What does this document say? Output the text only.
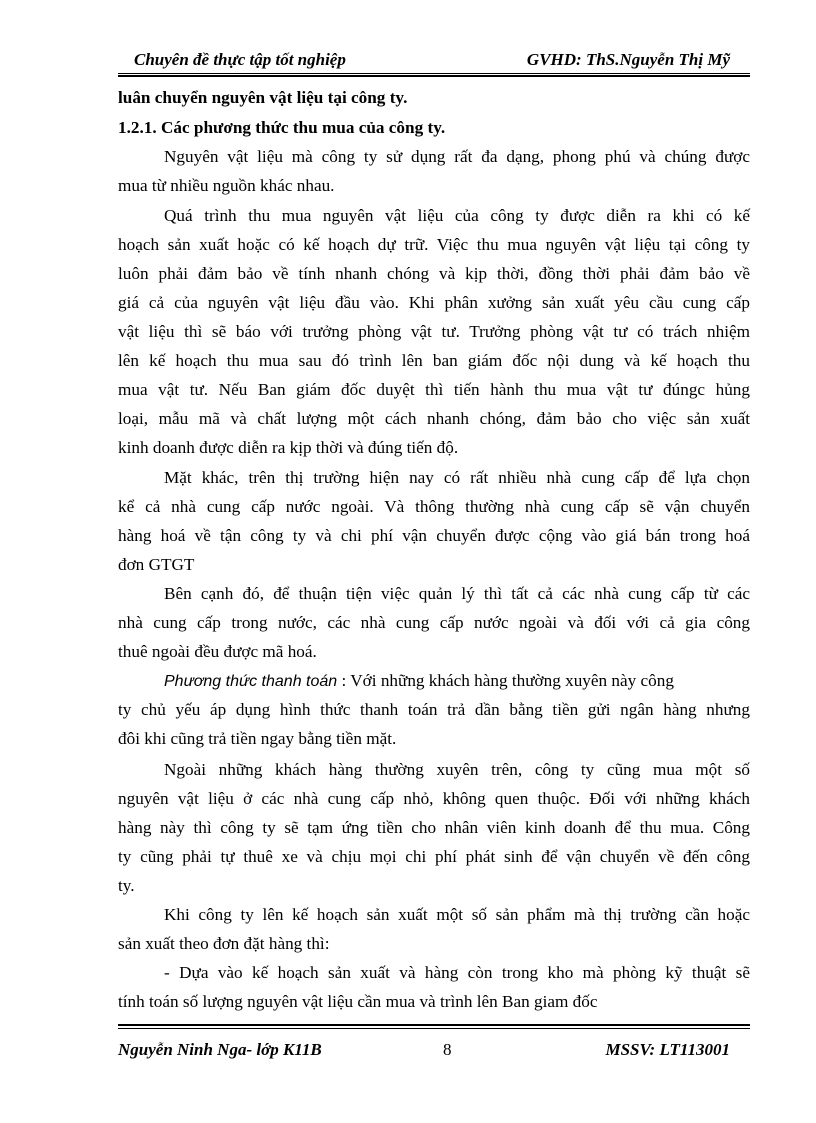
Chuyên đề thực tập tốt nghiệp	GVHD: ThS.Nguyễn Thị Mỹ
luân chuyển nguyên vật liệu tại công ty.
1.2.1. Các phương thức thu mua của công ty.
Nguyên vật liệu mà công ty sử dụng rất đa dạng, phong phú và chúng được
mua từ nhiều nguồn khác nhau.
Quá trình thu mua nguyên vật liệu của công ty được diễn ra khi có kế
hoạch sản xuất hoặc có kế hoạch dự trữ. Việc thu mua nguyên vật liệu tại công ty
luôn phải đảm bảo về tính nhanh chóng và kịp thời, đồng thời phải đảm bảo về
giá cả của nguyên vật liệu đầu vào. Khi phân xưởng sản xuất yêu cầu cung cấp
vật liệu thì sẽ báo với trưởng phòng vật tư. Trưởng phòng vật tư có trách nhiệm
lên kế hoạch thu mua sau đó trình lên ban giám đốc nội dung và kế hoạch thu
mua vật tư. Nếu Ban giám đốc duyệt thì tiến hành thu mua vật tư đúngc hủng
loại, mẫu mã và chất lượng một cách nhanh chóng, đảm bảo cho việc sản xuất
kinh doanh được diễn ra kịp thời và đúng tiến độ.
Mặt khác, trên thị trường hiện nay có rất nhiều nhà cung cấp để lựa chọn
kể cả nhà cung cấp nước ngoài. Và thông thường nhà cung cấp sẽ vận chuyển
hàng hoá về tận công ty và chi phí vận chuyển được cộng vào giá bán trong hoá
đơn GTGT
Bên cạnh đó, để thuận tiện việc quản lý thì tất cả các nhà cung cấp từ các
nhà cung cấp trong nước, các nhà cung cấp nước ngoài và đối với cả gia công
thuê ngoài đều được mã hoá.
Phương thức thanh toán : Với những khách hàng thường xuyên này công
ty chủ yếu áp dụng hình thức thanh toán trả dần bằng tiền gửi ngân hàng nhưng
đôi khi cũng trả tiền ngay bằng tiền mặt.
Ngoài những khách hàng thường xuyên trên, công ty cũng mua một số
nguyên vật liệu ở các nhà cung cấp nhỏ, không quen thuộc. Đối với những khách
hàng này thì công ty sẽ tạm ứng tiền cho nhân viên kinh doanh để thu mua. Công
ty cũng phải tự thuê xe và chịu mọi chi phí phát sinh để vận chuyển về đến công
ty.
Khi công ty lên kế hoạch sản xuất một số sản phẩm mà thị trường cần hoặc
sản xuất theo đơn đặt hàng thì:
- Dựa vào kế hoạch sản xuất và hàng còn trong kho mà phòng kỹ thuật sẽ
tính toán số lượng nguyên vật liệu cần mua và trình lên Ban giam đốc
Nguyễn Ninh Nga- lớp K11B	8	MSSV: LT113001
